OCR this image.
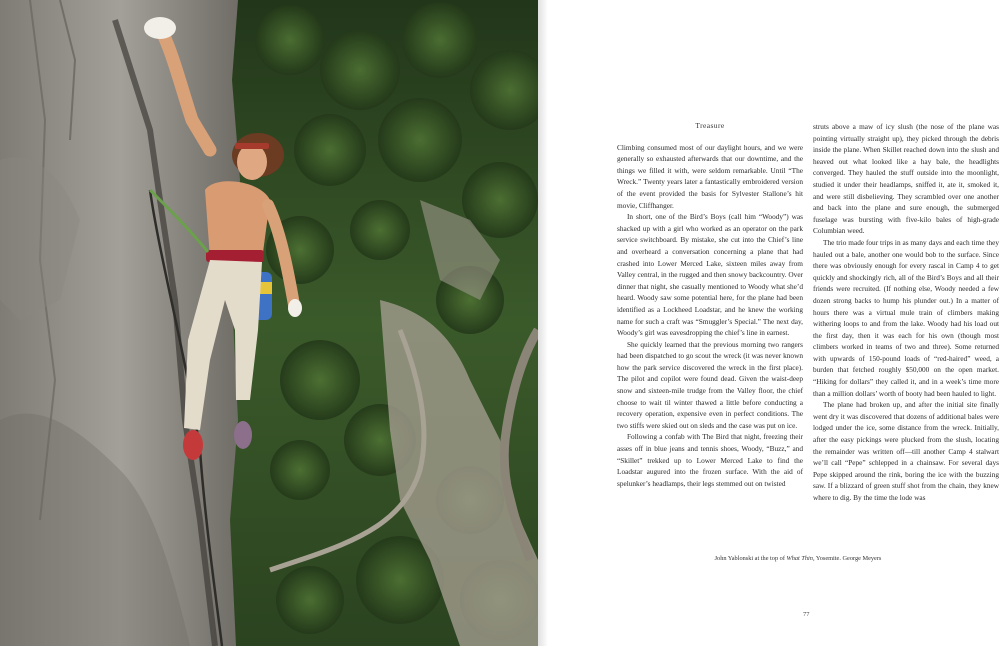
Treasure

Climbing consumed most of our daylight hours, and we were generally so exhausted afterwards that our downtime, and the things we filled it with, were seldom remarkable. Until “The Wreck.” Twenty years later a fantastically embroidered version of the event provided the basis for Sylvester Stallone’s hit movie, Cliffhanger.

In short, one of the Bird’s Boys (call him “Woody”) was shacked up with a girl who worked as an operator on the park service switchboard. By mistake, she cut into the Chief’s line and overheard a conversation concerning a plane that had crashed into Lower Merced Lake, sixteen miles away from Valley central, in the rugged and then snowy backcountry. Over dinner that night, she casually mentioned to Woody what she’d heard. Woody saw some potential here, for the plane had been identified as a Lockheed Loadstar, and he knew the working name for such a craft was “Smuggler’s Special.” The next day, Woody’s girl was eavesdropping the chief’s line in earnest.

She quickly learned that the previous morning two rangers had been dispatched to go scout the wreck (it was never known how the park service discovered the wreck in the first place). The pilot and copilot were found dead. Given the waist-deep snow and sixteen-mile trudge from the Valley floor, the chief choose to wait til winter thawed a little before conducting a recovery operation, expensive even in perfect conditions. The two stiffs were skied out on sleds and the case was put on ice.

Following a confab with The Bird that night, freezing their asses off in blue jeans and tennis shoes, Woody, “Buzz,” and “Skillet” trekked up to Lower Merced Lake to find the Loadstar augured into the frozen surface. With the aid of spelunker’s headlamps, their legs stemmed out on twisted

struts above a maw of icy slush (the nose of the plane was pointing virtually straight up), they picked through the debris inside the plane. When Skillet reached down into the slush and heaved out what looked like a hay bale, the headlights converged. They hauled the stuff outside into the moonlight, studied it under their headlamps, sniffed it, ate it, smoked it, and were still disbelieving. They scrambled over one another and back into the plane and sure enough, the submerged fuselage was bursting with five-kilo bales of high-grade Columbian weed.

The trio made four trips in as many days and each time they hauled out a bale, another one would bob to the surface. Since there was obviously enough for every rascal in Camp 4 to get quickly and shockingly rich, all of the Bird’s Boys and all their friends were recruited. (If nothing else, Woody needed a few dozen strong backs to hump his plunder out.) In a matter of hours there was a virtual mule train of climbers making withering loops to and from the lake. Woody had his load out the first day, then it was each for his own (though most climbers worked in teams of two and three). Some returned with upwards of 150-pound loads of “red-haired” weed, a burden that fetched roughly $50,000 on the open market. “Hiking for dollars” they called it, and in a week’s time more than a million dollars’ worth of booty had been hauled to light.

The plane had broken up, and after the initial site finally went dry it was discovered that dozens of additional bales were lodged under the ice, some distance from the wreck. Initially, after the easy pickings were plucked from the slush, locating the remainder was written off—till another Camp 4 stalwart we’ll call “Pepe” schlepped in a chainsaw. For several days Pepe skipped around the rink, boring the ice with the buzzing saw. If a blizzard of green stuff shot from the chain, they knew where to dig. By the time the lode was

John Yablonski at the top of What Thin, Yosemite. George Meyers
77
